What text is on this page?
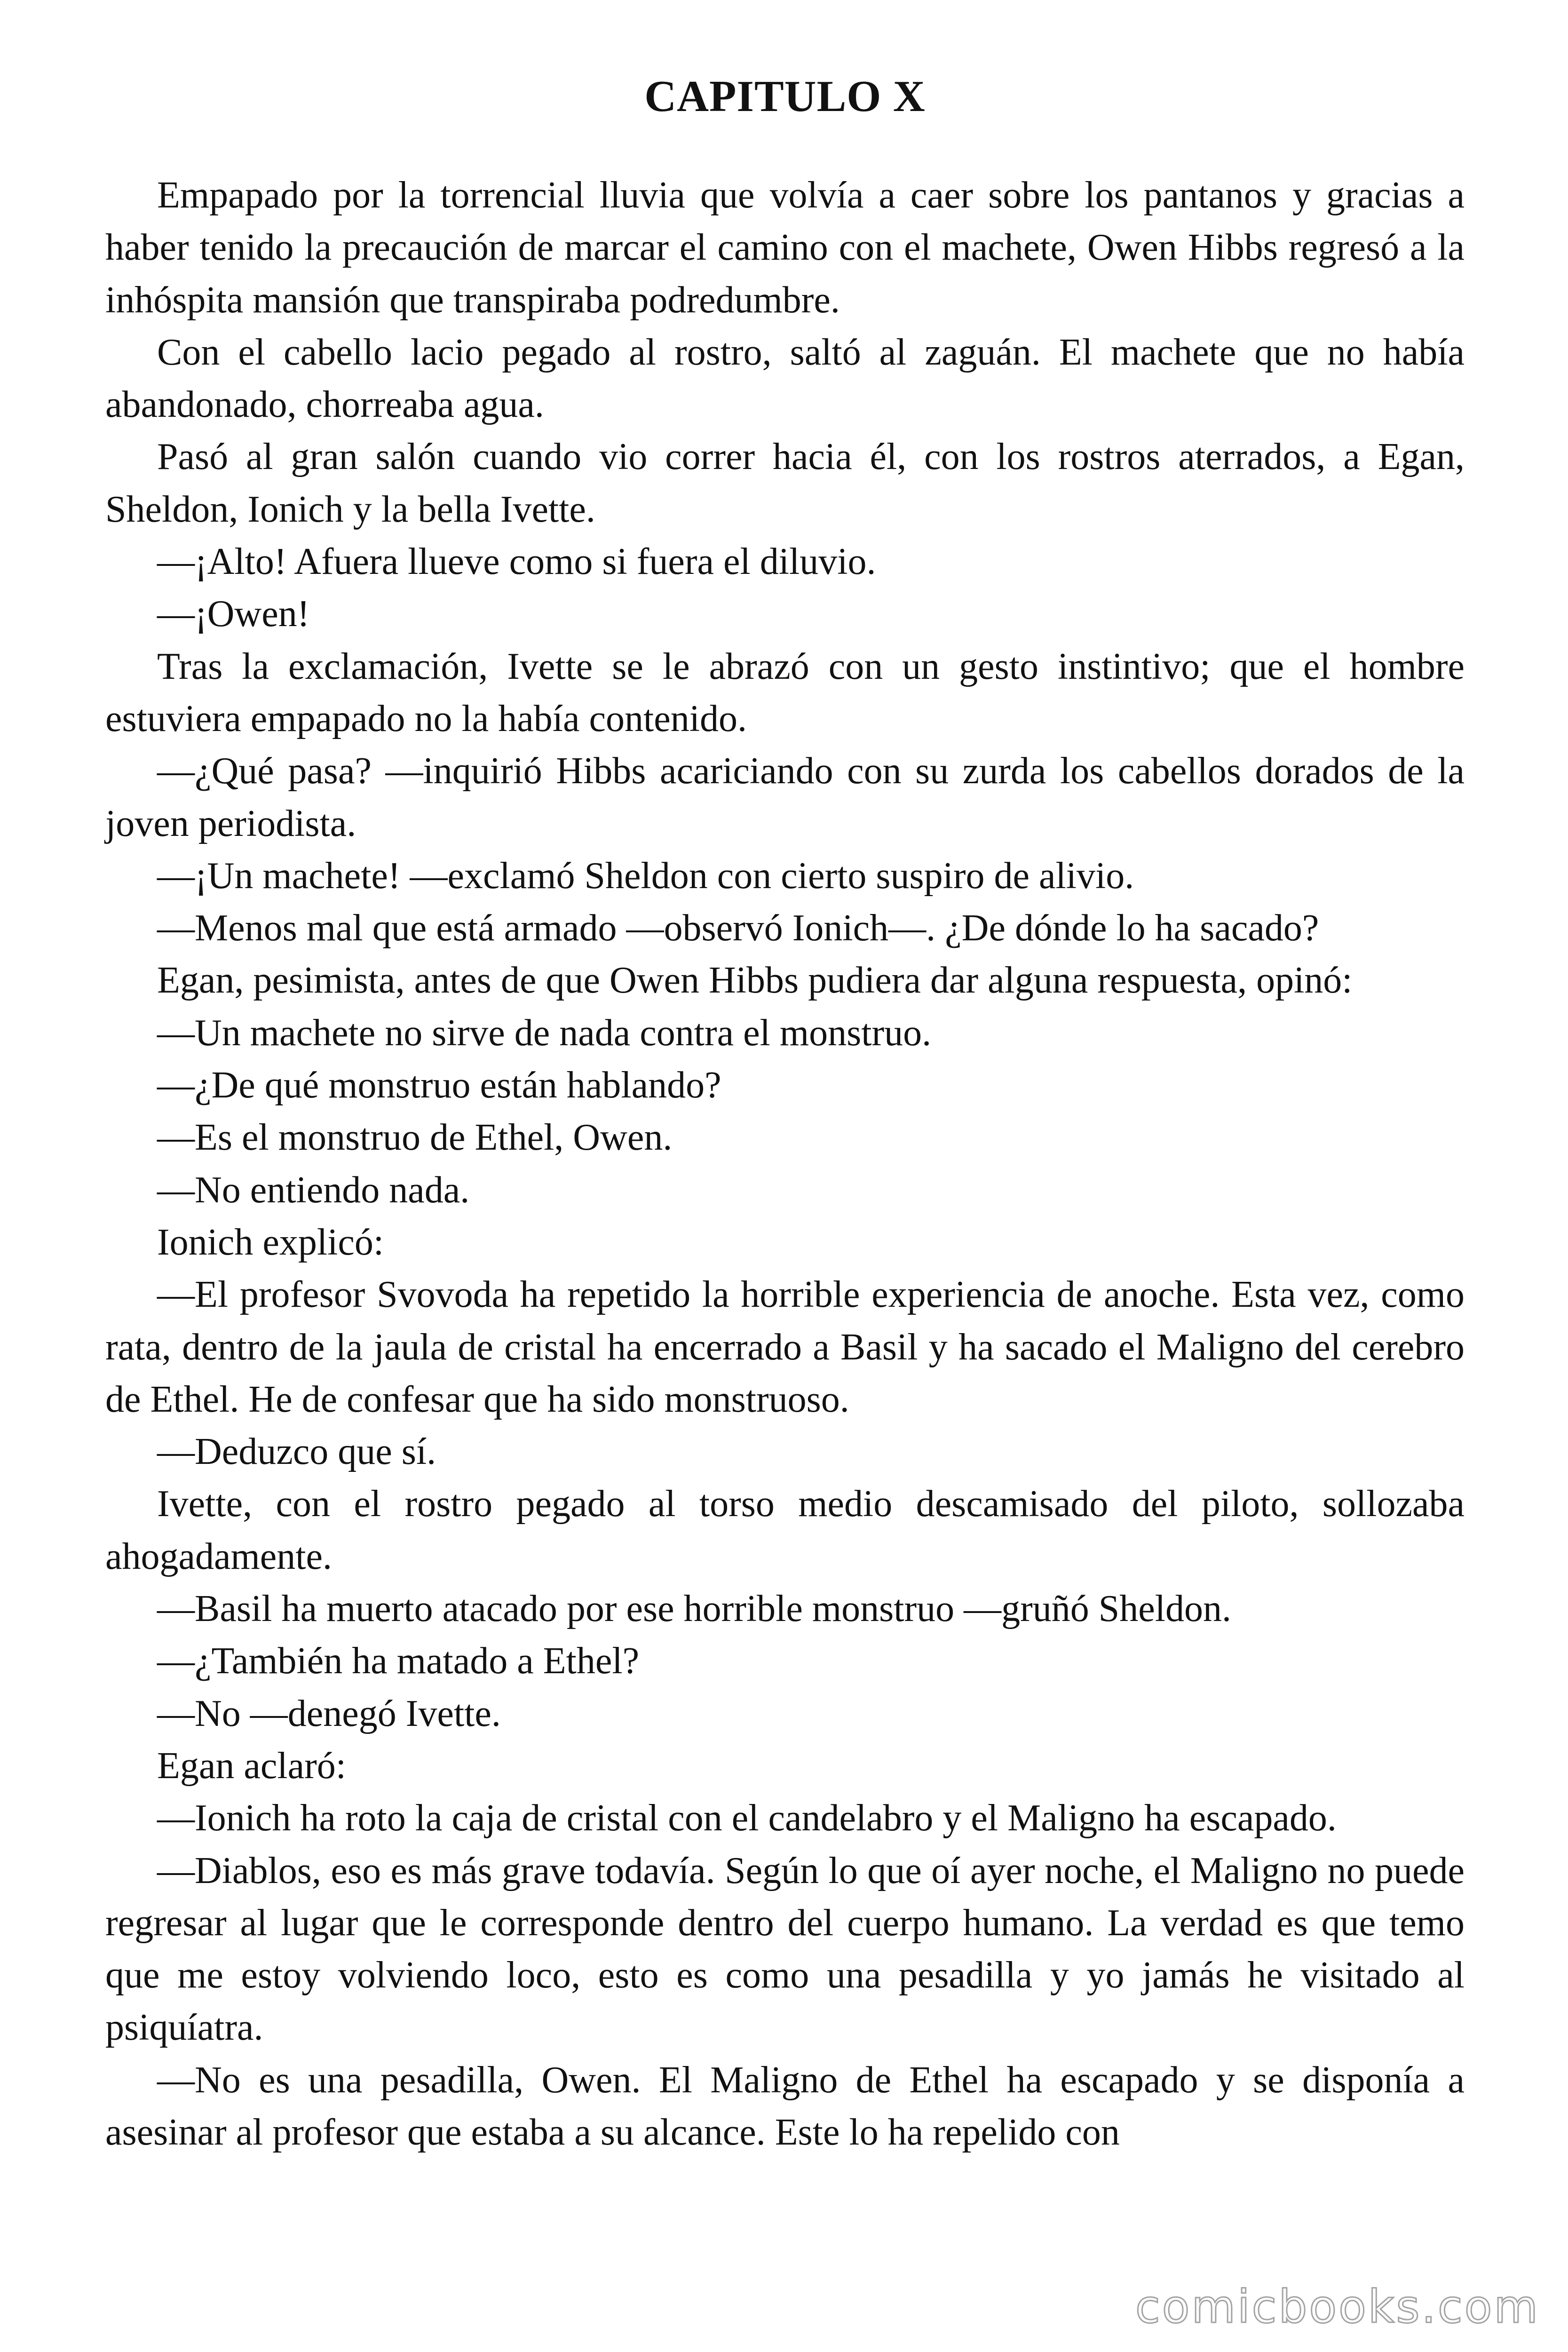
CAPITULO X

Empapado por la torrencial lluvia que volvía a caer sobre los pantanos y gracias a haber tenido la precaución de marcar el camino con el machete, Owen Hibbs regresó a la inhóspita mansión que transpiraba podredumbre.

Con el cabello lacio pegado al rostro, saltó al zaguán. El machete que no había abandonado, chorreaba agua.

Pasó al gran salón cuando vio correr hacia él, con los rostros aterrados, a Egan, Sheldon, Ionich y la bella Ivette.

—¡Alto! Afuera llueve como si fuera el diluvio.

—¡Owen!

Tras la exclamación, Ivette se le abrazó con un gesto instintivo; que el hombre estuviera empapado no la había contenido.

—¿Qué pasa? —inquirió Hibbs acariciando con su zurda los cabellos dorados de la joven periodista.

—¡Un machete! —exclamó Sheldon con cierto suspiro de alivio.

—Menos mal que está armado —observó Ionich—. ¿De dónde lo ha sacado?

Egan, pesimista, antes de que Owen Hibbs pudiera dar alguna respuesta, opinó:

—Un machete no sirve de nada contra el monstruo.

—¿De qué monstruo están hablando?

—Es el monstruo de Ethel, Owen.

—No entiendo nada.

Ionich explicó:

—El profesor Svovoda ha repetido la horrible experiencia de anoche. Esta vez, como rata, dentro de la jaula de cristal ha encerrado a Basil y ha sacado el Maligno del cerebro de Ethel. He de confesar que ha sido monstruoso.

—Deduzco que sí.

Ivette, con el rostro pegado al torso medio descamisado del piloto, sollozaba ahogadamente.

—Basil ha muerto atacado por ese horrible monstruo —gruñó Sheldon.

—¿También ha matado a Ethel?

—No —denegó Ivette.

Egan aclaró:

—Ionich ha roto la caja de cristal con el candelabro y el Maligno ha escapado.

—Diablos, eso es más grave todavía. Según lo que oí ayer noche, el Maligno no puede regresar al lugar que le corresponde dentro del cuerpo humano. La verdad es que temo que me estoy volviendo loco, esto es como una pesadilla y yo jamás he visitado al psiquíatra.

—No es una pesadilla, Owen. El Maligno de Ethel ha escapado y se disponía a asesinar al profesor que estaba a su alcance. Este lo ha repelido con

comicbooks.com
